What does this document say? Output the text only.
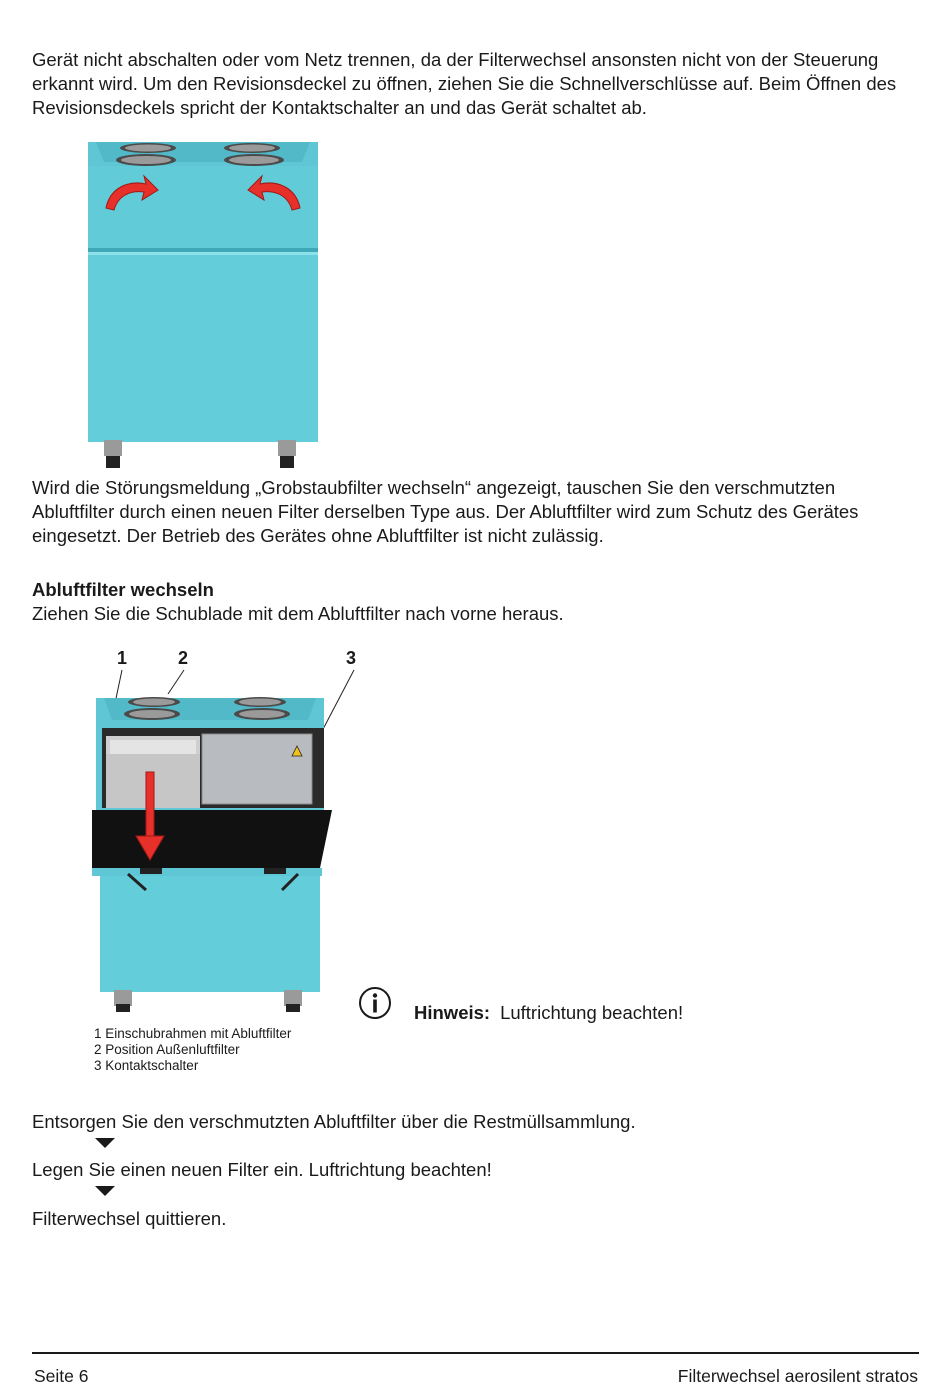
Gerät nicht abschalten oder vom Netz trennen, da der Filterwechsel ansonsten nicht von der Steuerung erkannt wird. Um den Revisionsdeckel zu öffnen, ziehen Sie die Schnellverschlüsse auf. Beim Öffnen des Revisionsdeckels spricht der Kontaktschalter an und das Gerät schaltet ab.
Wird die Störungsmeldung „Grobstaubfilter wechseln“ angezeigt, tauschen Sie den verschmutzten Abluftfilter durch einen neuen Filter derselben Type aus. Der Abluftfilter wird zum Schutz des Gerätes eingesetzt. Der Betrieb des Gerätes ohne Abluftfilter ist nicht zulässig.
Abluftfilter wechseln
Ziehen Sie die Schublade mit dem Abluftfilter nach vorne heraus.
1	2	3
1 Einschubrahmen mit Abluftfilter
2 Position Außenluftfilter
3 Kontaktschalter
Hinweis: Luftrichtung beachten!
Entsorgen Sie den verschmutzten Abluftfilter über die Restmüllsammlung.
Legen Sie einen neuen Filter ein. Luftrichtung beachten!
Filterwechsel quittieren.
Seite 6	Filterwechsel aerosilent stratos
